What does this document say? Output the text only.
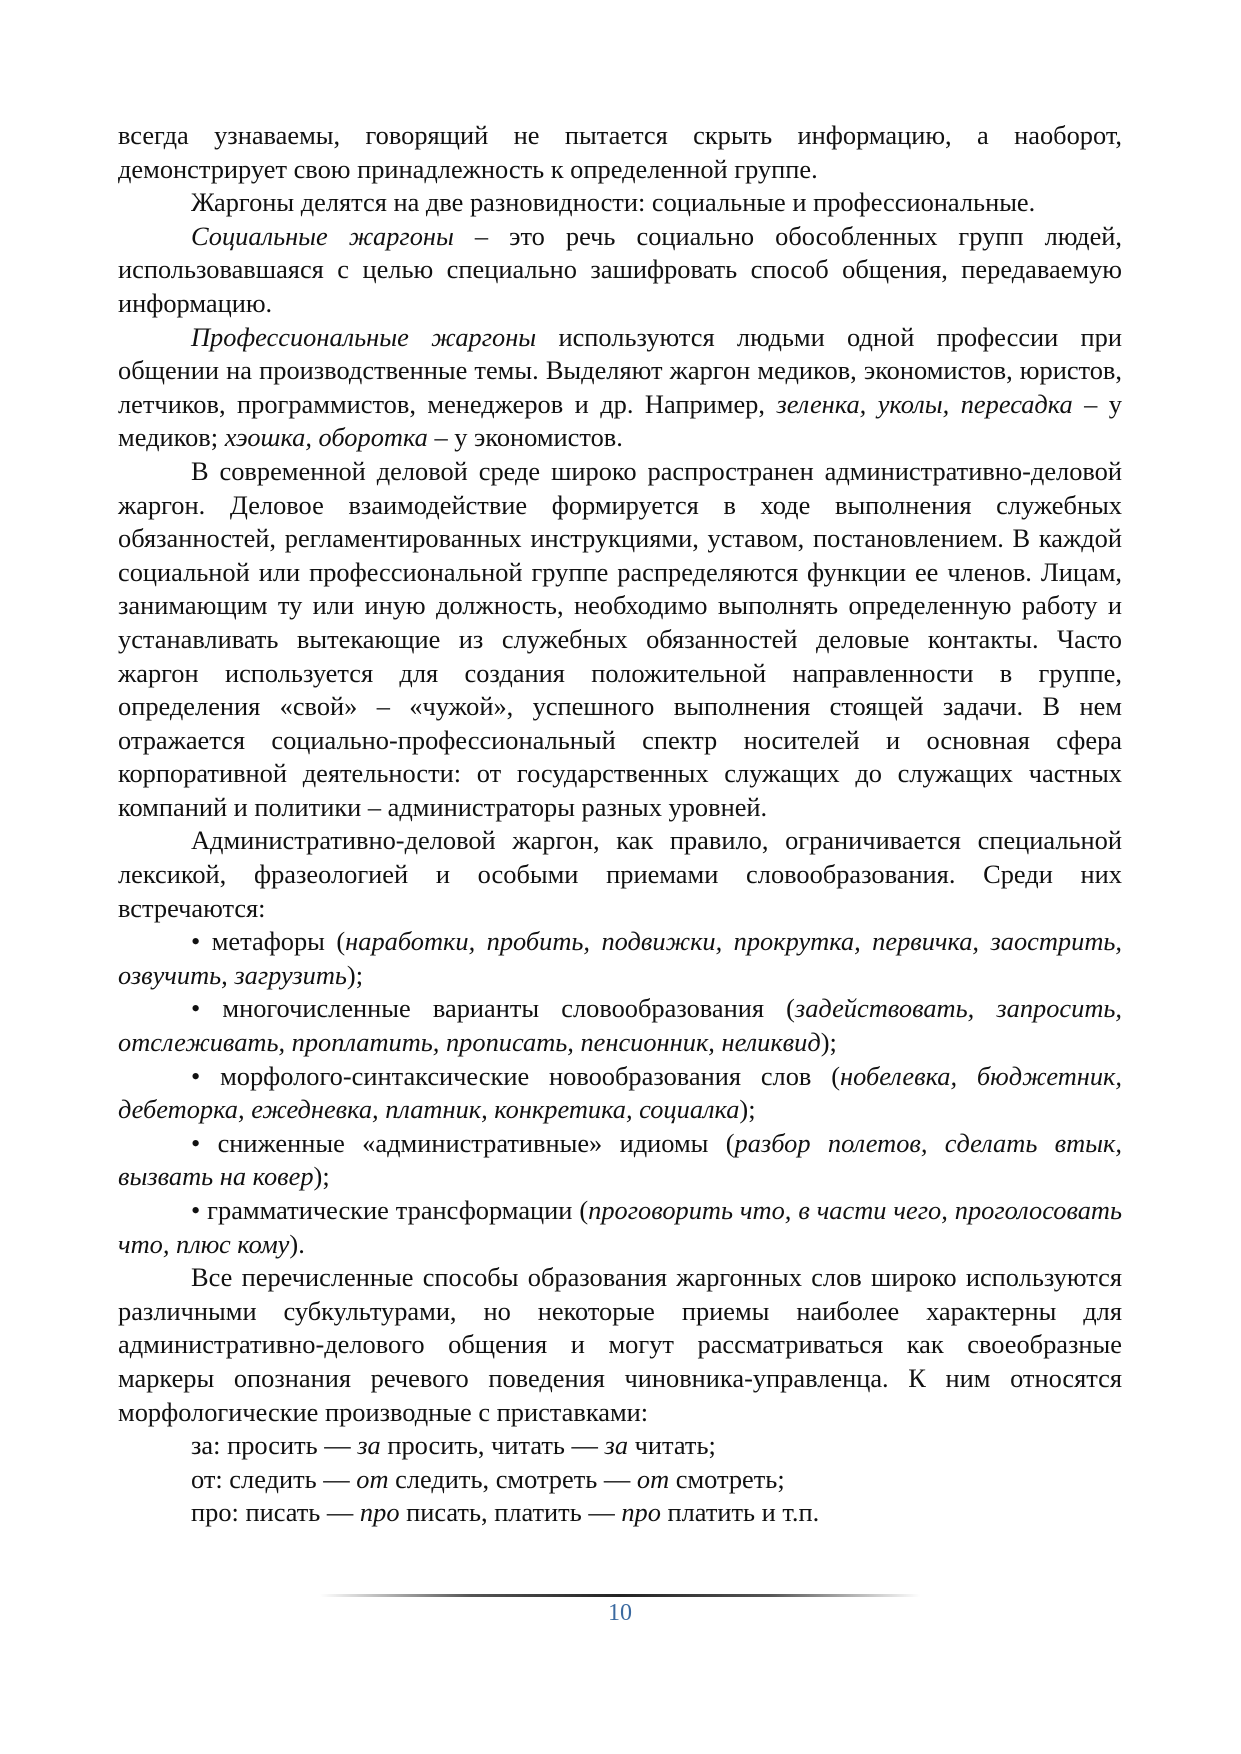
всегда узнаваемы, говорящий не пытается скрыть информацию, а наоборот, демонстрирует свою принадлежность к определенной группе.

Жаргоны делятся на две разновидности: социальные и профессиональные.

Социальные жаргоны – это речь социально обособленных групп людей, использовавшаяся с целью специально зашифровать способ общения, передаваемую информацию.

Профессиональные жаргоны используются людьми одной профессии при общении на производственные темы. Выделяют жаргон медиков, экономистов, юристов, летчиков, программистов, менеджеров и др. Например, зеленка, уколы, пересадка – у медиков; хэошка, оборотка – у экономистов.

В современной деловой среде широко распространен административно-деловой жаргон. Деловое взаимодействие формируется в ходе выполнения служебных обязанностей, регламентированных инструкциями, уставом, постановлением. В каждой социальной или профессиональной группе распределяются функции ее членов. Лицам, занимающим ту или иную должность, необходимо выполнять определенную работу и устанавливать вытекающие из служебных обязанностей деловые контакты. Часто жаргон используется для создания положительной направленности в группе, определения «свой» – «чужой», успешного выполнения стоящей задачи. В нем отражается социально-профессиональный спектр носителей и основная сфера корпоративной деятельности: от государственных служащих до служащих частных компаний и политики – администраторы разных уровней.

Административно-деловой жаргон, как правило, ограничивается специальной лексикой, фразеологией и особыми приемами словообразования. Среди них встречаются:

• метафоры (наработки, пробить, подвижки, прокрутка, первичка, заострить, озвучить, загрузить);

• многочисленные варианты словообразования (задействовать, запросить, отслеживать, проплатить, прописать, пенсионник, неликвид);

• морфолого-синтаксические новообразования слов (нобелевка, бюджетник, дебеторка, ежедневка, платник, конкретика, социалка);

• сниженные «административные» идиомы (разбор полетов, сделать втык, вызвать на ковер);

• грамматические трансформации (проговорить что, в части чего, проголосовать что, плюс кому).

Все перечисленные способы образования жаргонных слов широко используются различными субкультурами, но некоторые приемы наиболее характерны для административно-делового общения и могут рассматриваться как своеобразные маркеры опознания речевого поведения чиновника-управленца. К ним относятся морфологические производные с приставками:

за: просить — за просить, читать — за читать;

от: следить — от следить, смотреть — от смотреть;

про: писать — про писать, платить — про платить и т.п.

10
